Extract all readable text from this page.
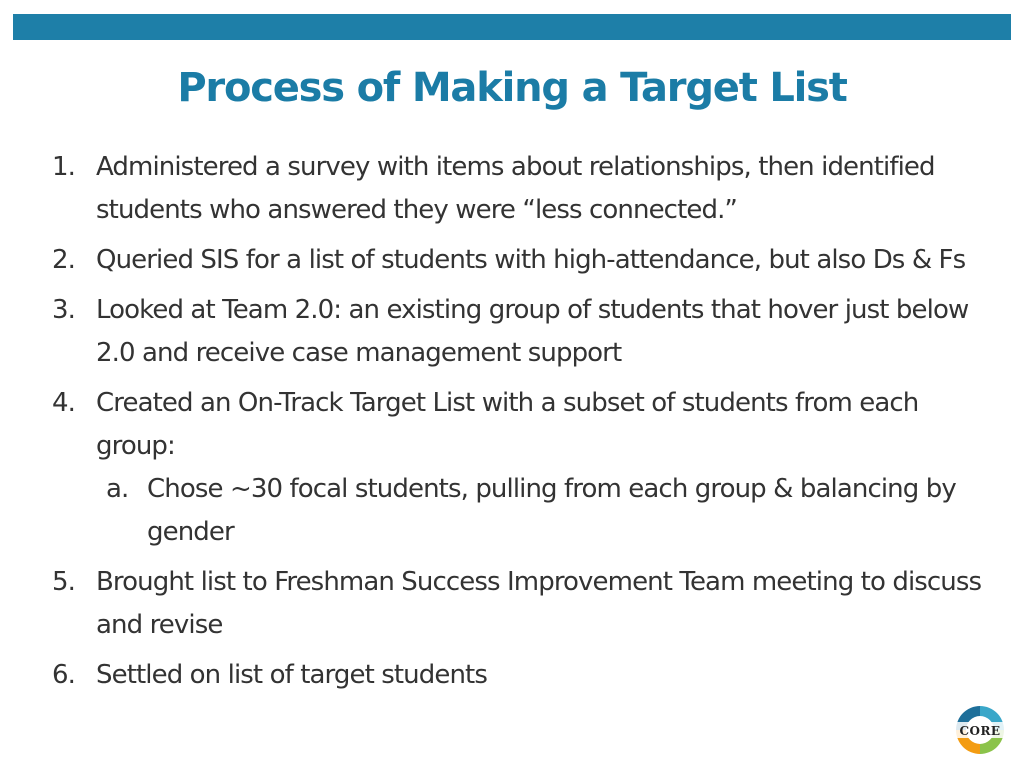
Process of Making a Target List
1. Administered a survey with items about relationships, then identified students who answered they were “less connected.”
2. Queried SIS for a list of students with high-attendance, but also Ds & Fs
3. Looked at Team 2.0: an existing group of students that hover just below 2.0 and receive case management support
4. Created an On-Track Target List with a subset of students from each group:
a. Chose ~30 focal students, pulling from each group & balancing by gender
5. Brought list to Freshman Success Improvement Team meeting to discuss and revise
6. Settled on list of target students
CORE
